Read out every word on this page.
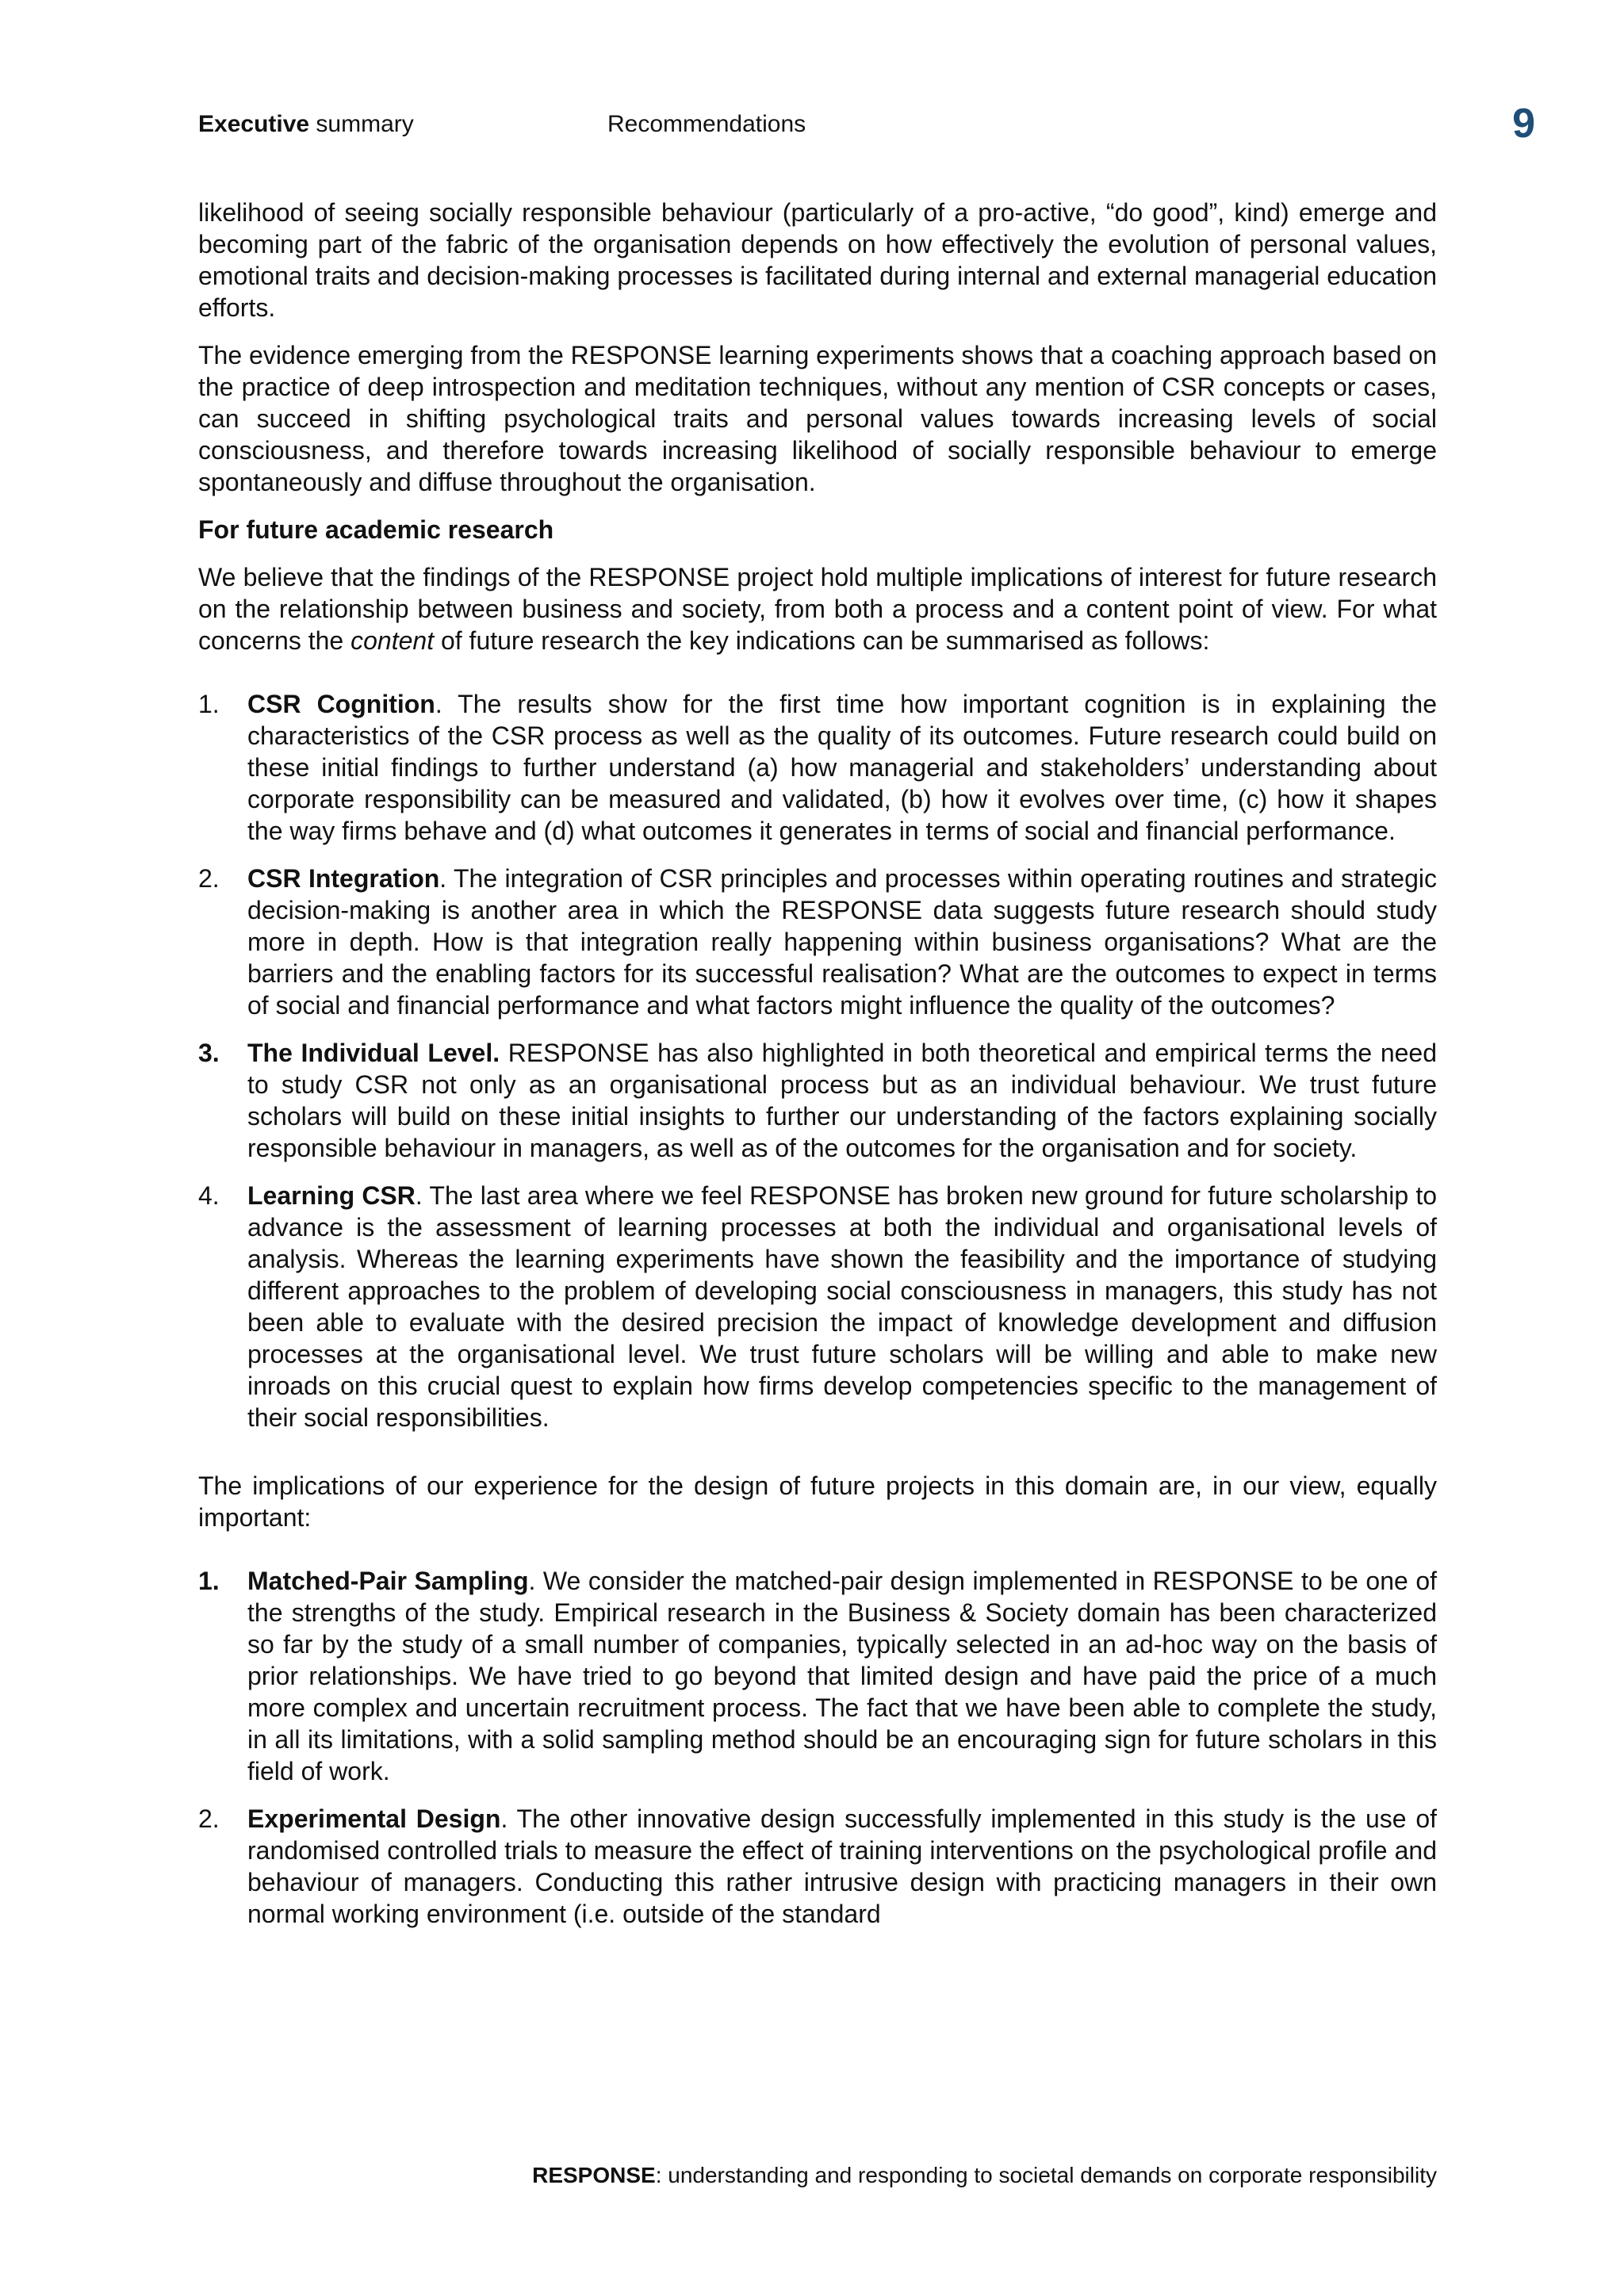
Executive summary	Recommendations	9

likelihood of seeing socially responsible behaviour (particularly of a pro-active, “do good”, kind) emerge and becoming part of the fabric of the organisation depends on how effectively the evolution of personal values, emotional traits and decision-making processes is facilitated during internal and external managerial education efforts.

The evidence emerging from the RESPONSE learning experiments shows that a coaching approach based on the practice of deep introspection and meditation techniques, without any mention of CSR concepts or cases, can succeed in shifting psychological traits and personal values towards increasing levels of social consciousness, and therefore towards increasing likelihood of socially responsible behaviour to emerge spontaneously and diffuse throughout the organisation.

For future academic research

We believe that the findings of the RESPONSE project hold multiple implications of interest for future research on the relationship between business and society, from both a process and a content point of view. For what concerns the content of future research the key indications can be summarised as follows:

1. CSR Cognition. The results show for the first time how important cognition is in explaining the characteristics of the CSR process as well as the quality of its outcomes. Future research could build on these initial findings to further understand (a) how managerial and stakeholders’ understanding about corporate responsibility can be measured and validated, (b) how it evolves over time, (c) how it shapes the way firms behave and (d) what outcomes it generates in terms of social and financial performance.
2. CSR Integration. The integration of CSR principles and processes within operating routines and strategic decision-making is another area in which the RESPONSE data suggests future research should study more in depth. How is that integration really happening within business organisations? What are the barriers and the enabling factors for its successful realisation? What are the outcomes to expect in terms of social and financial performance and what factors might influence the quality of the outcomes?
3. The Individual Level. RESPONSE has also highlighted in both theoretical and empirical terms the need to study CSR not only as an organisational process but as an individual behaviour. We trust future scholars will build on these initial insights to further our understanding of the factors explaining socially responsible behaviour in managers, as well as of the outcomes for the organisation and for society.
4. Learning CSR. The last area where we feel RESPONSE has broken new ground for future scholarship to advance is the assessment of learning processes at both the individual and organisational levels of analysis. Whereas the learning experiments have shown the feasibility and the importance of studying different approaches to the problem of developing social consciousness in managers, this study has not been able to evaluate with the desired precision the impact of knowledge development and diffusion processes at the organisational level. We trust future scholars will be willing and able to make new inroads on this crucial quest to explain how firms develop competencies specific to the management of their social responsibilities.

The implications of our experience for the design of future projects in this domain are, in our view, equally important:

1. Matched-Pair Sampling. We consider the matched-pair design implemented in RESPONSE to be one of the strengths of the study. Empirical research in the Business & Society domain has been characterized so far by the study of a small number of companies, typically selected in an ad-hoc way on the basis of prior relationships. We have tried to go beyond that limited design and have paid the price of a much more complex and uncertain recruitment process. The fact that we have been able to complete the study, in all its limitations, with a solid sampling method should be an encouraging sign for future scholars in this field of work.
2. Experimental Design. The other innovative design successfully implemented in this study is the use of randomised controlled trials to measure the effect of training interventions on the psychological profile and behaviour of managers. Conducting this rather intrusive design with practicing managers in their own normal working environment (i.e. outside of the standard
RESPONSE: understanding and responding to societal demands on corporate responsibility
